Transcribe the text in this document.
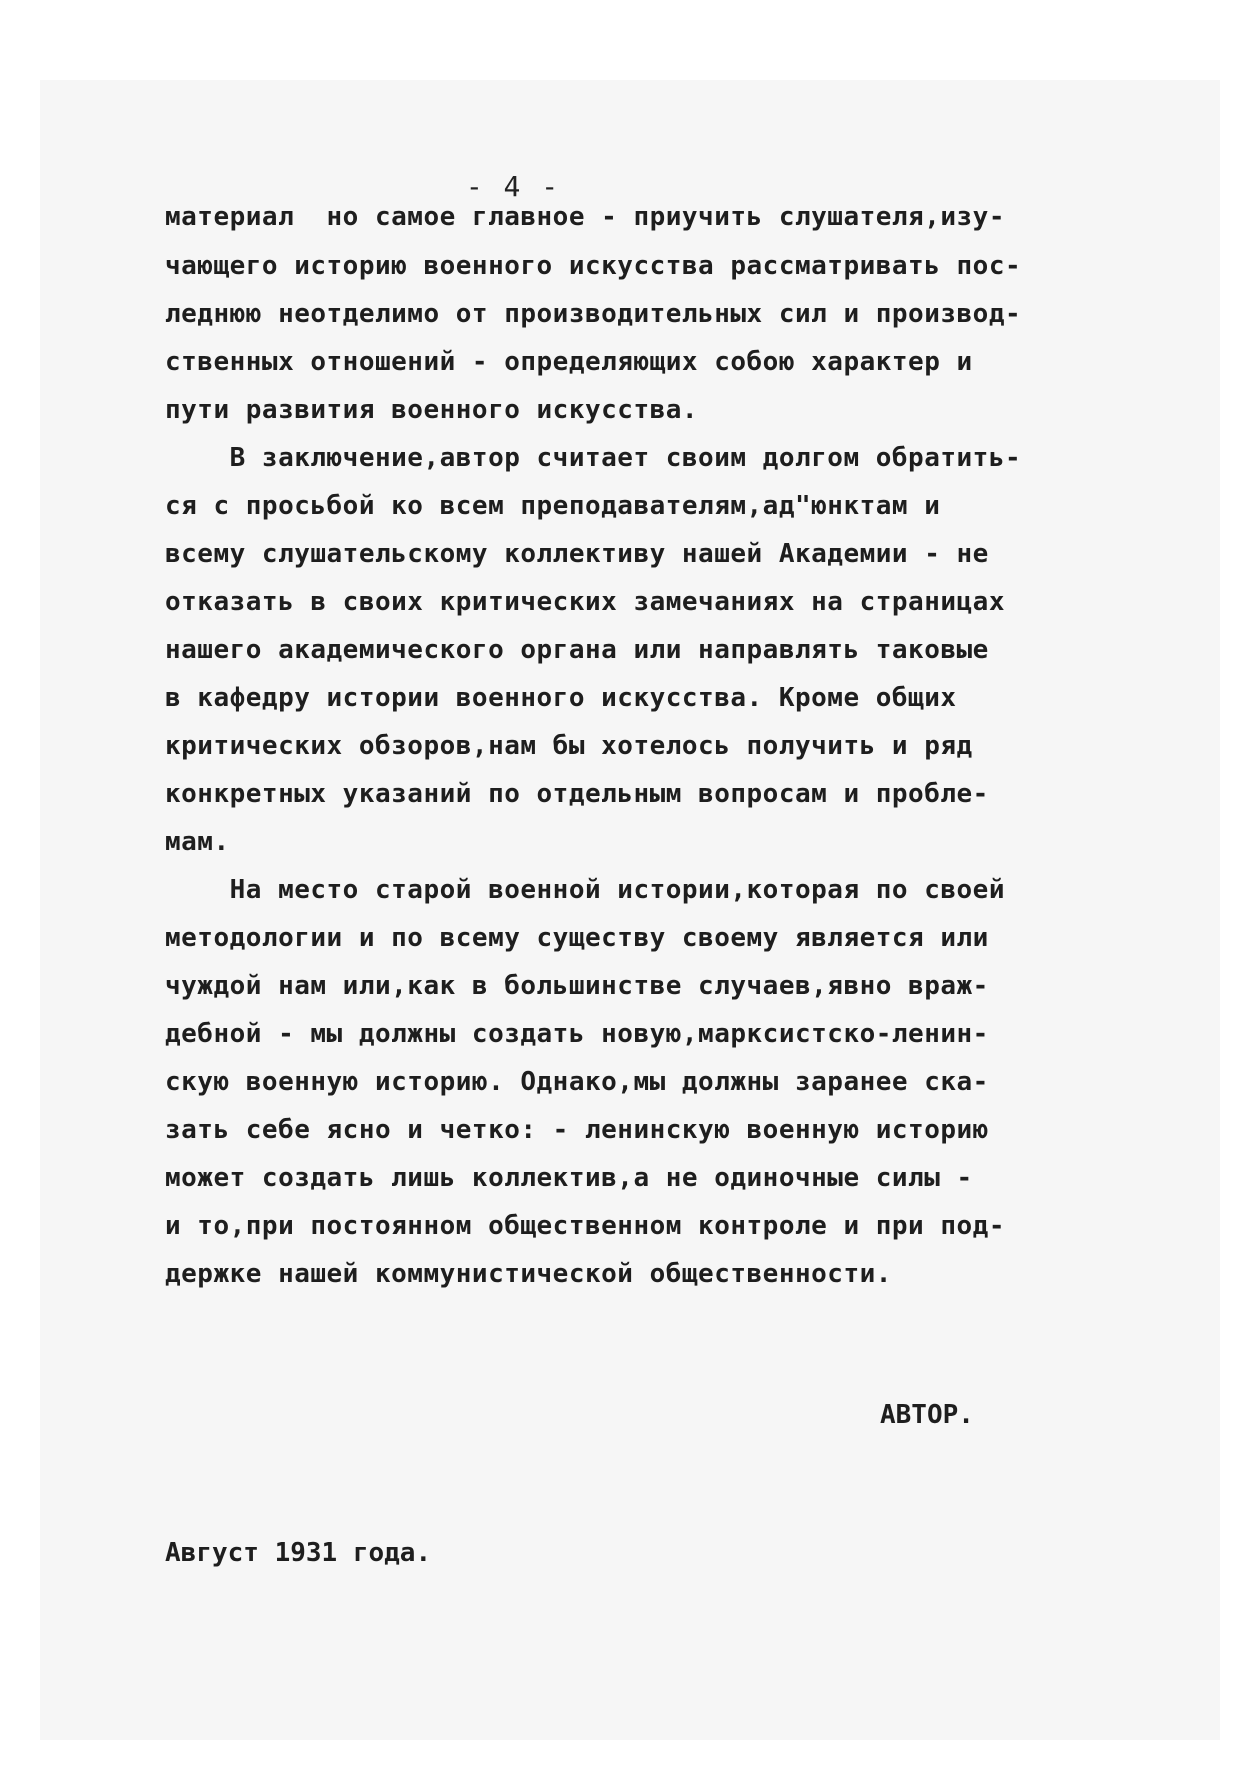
- 4 -
материал  но самое главное - приучить слушателя,изу-
чающего историю военного искусства рассматривать пос-
леднюю неотделимо от производительных сил и производ-
ственных отношений - определяющих собою характер и
пути развития военного искусства.
В заключение,автор считает своим долгом обратить-
ся с просьбой ко всем преподавателям,ад"юнктам и
всему слушательскому коллективу нашей Академии - не
отказать в своих критических замечаниях на страницах
нашего академического органа или направлять таковые
в кафедру истории военного искусства. Кроме общих
критических обзоров,нам бы хотелось получить и ряд
конкретных указаний по отдельным вопросам и пробле-
мам.
На место старой военной истории,которая по своей
методологии и по всему существу своему является или
чуждой нам или,как в большинстве случаев,явно враж-
дебной - мы должны создать новую,марксистско-ленин-
скую военную историю. Однако,мы должны заранее ска-
зать себе ясно и четко: - ленинскую военную историю
может создать лишь коллектив,а не одиночные силы -
и то,при постоянном общественном контроле и при под-
держке нашей коммунистической общественности.
АВТОР.
Август 1931 года.
